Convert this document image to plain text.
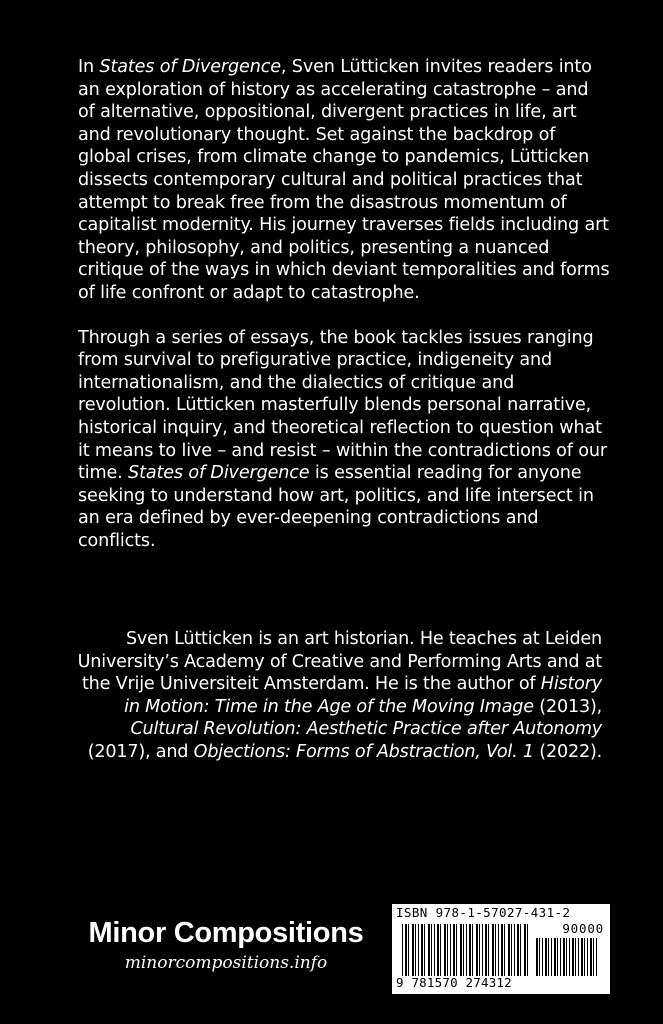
In States of Divergence, Sven Lütticken invites readers into an exploration of history as accelerating catastrophe – and of alternative, oppositional, divergent practices in life, art and revolutionary thought. Set against the backdrop of global crises, from climate change to pandemics, Lütticken dissects contemporary cultural and political practices that attempt to break free from the disastrous momentum of capitalist modernity. His journey traverses fields including art theory, philosophy, and politics, presenting a nuanced critique of the ways in which deviant temporalities and forms of life confront or adapt to catastrophe.

Through a series of essays, the book tackles issues ranging from survival to prefigurative practice, indigeneity and internationalism, and the dialectics of critique and revolution. Lütticken masterfully blends personal narrative, historical inquiry, and theoretical reflection to question what it means to live – and resist – within the contradictions of our time. States of Divergence is essential reading for anyone seeking to understand how art, politics, and life intersect in an era defined by ever-deepening contradictions and conflicts.

Sven Lütticken is an art historian. He teaches at Leiden University’s Academy of Creative and Performing Arts and at the Vrije Universiteit Amsterdam. He is the author of History in Motion: Time in the Age of the Moving Image (2013), Cultural Revolution: Aesthetic Practice after Autonomy (2017), and Objections: Forms of Abstraction, Vol. 1 (2022).

Minor Compositions
minorcompositions.info
ISBN 978-1-57027-431-2
90000
9 781570 274312
